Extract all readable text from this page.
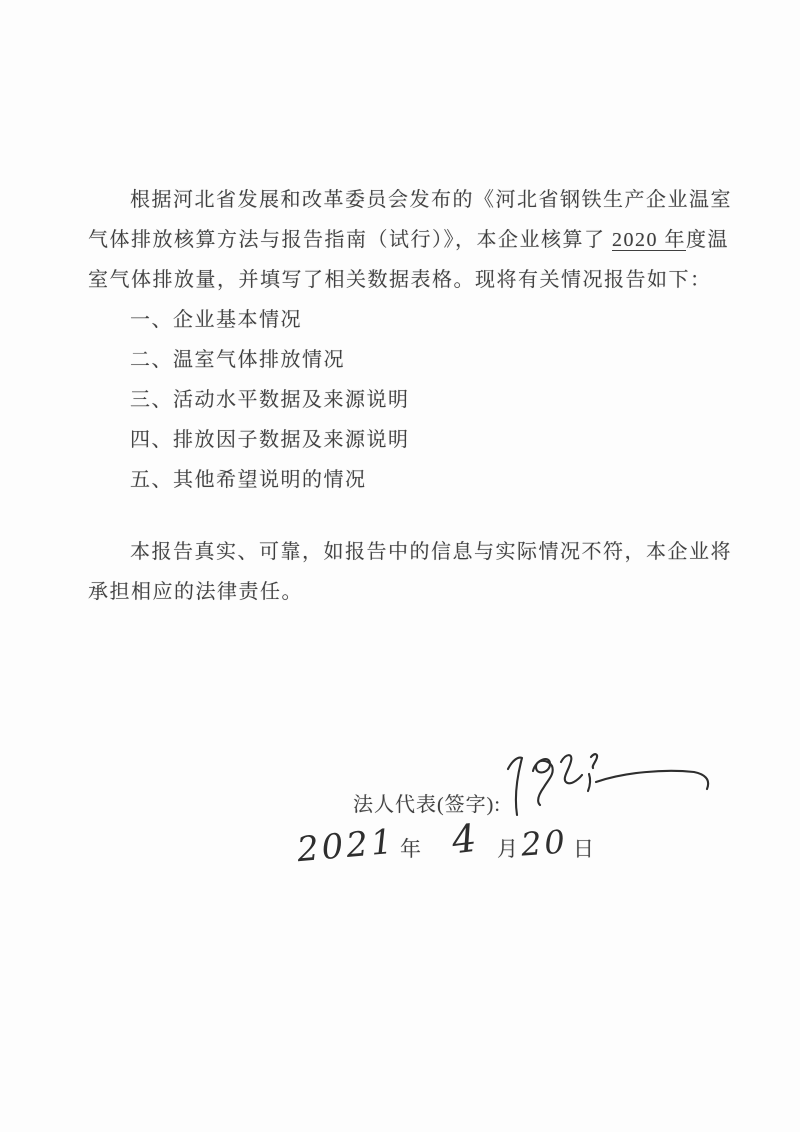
根据河北省发展和改革委员会发布的《河北省钢铁生产企业温室
气体排放核算方法与报告指南（试行）》，本企业核算了 2020 年度温
室气体排放量，并填写了相关数据表格。现将有关情况报告如下：
一、企业基本情况
二、温室气体排放情况
三、活动水平数据及来源说明
四、排放因子数据及来源说明
五、其他希望说明的情况
本报告真实、可靠，如报告中的信息与实际情况不符，本企业将
承担相应的法律责任。
法人代表(签字):
2021 年 4 月 20 日
